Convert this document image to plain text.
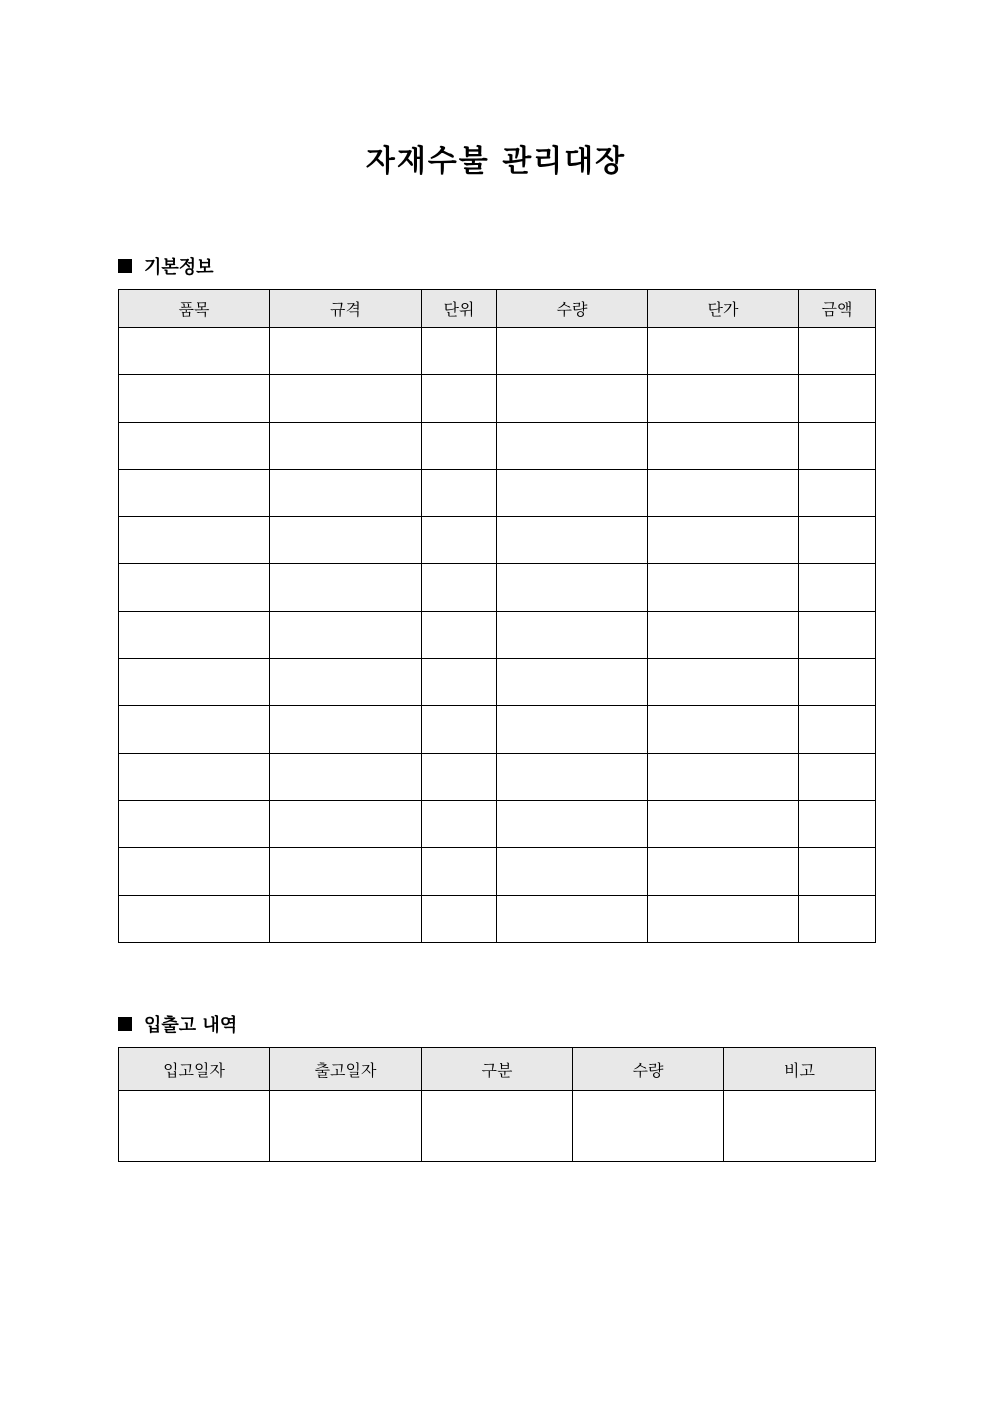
자재수불 관리대장
기본정보
품목	규격	단위	수량	단가	금액

입출고 내역
입고일자	출고일자	구분	수량	비고
